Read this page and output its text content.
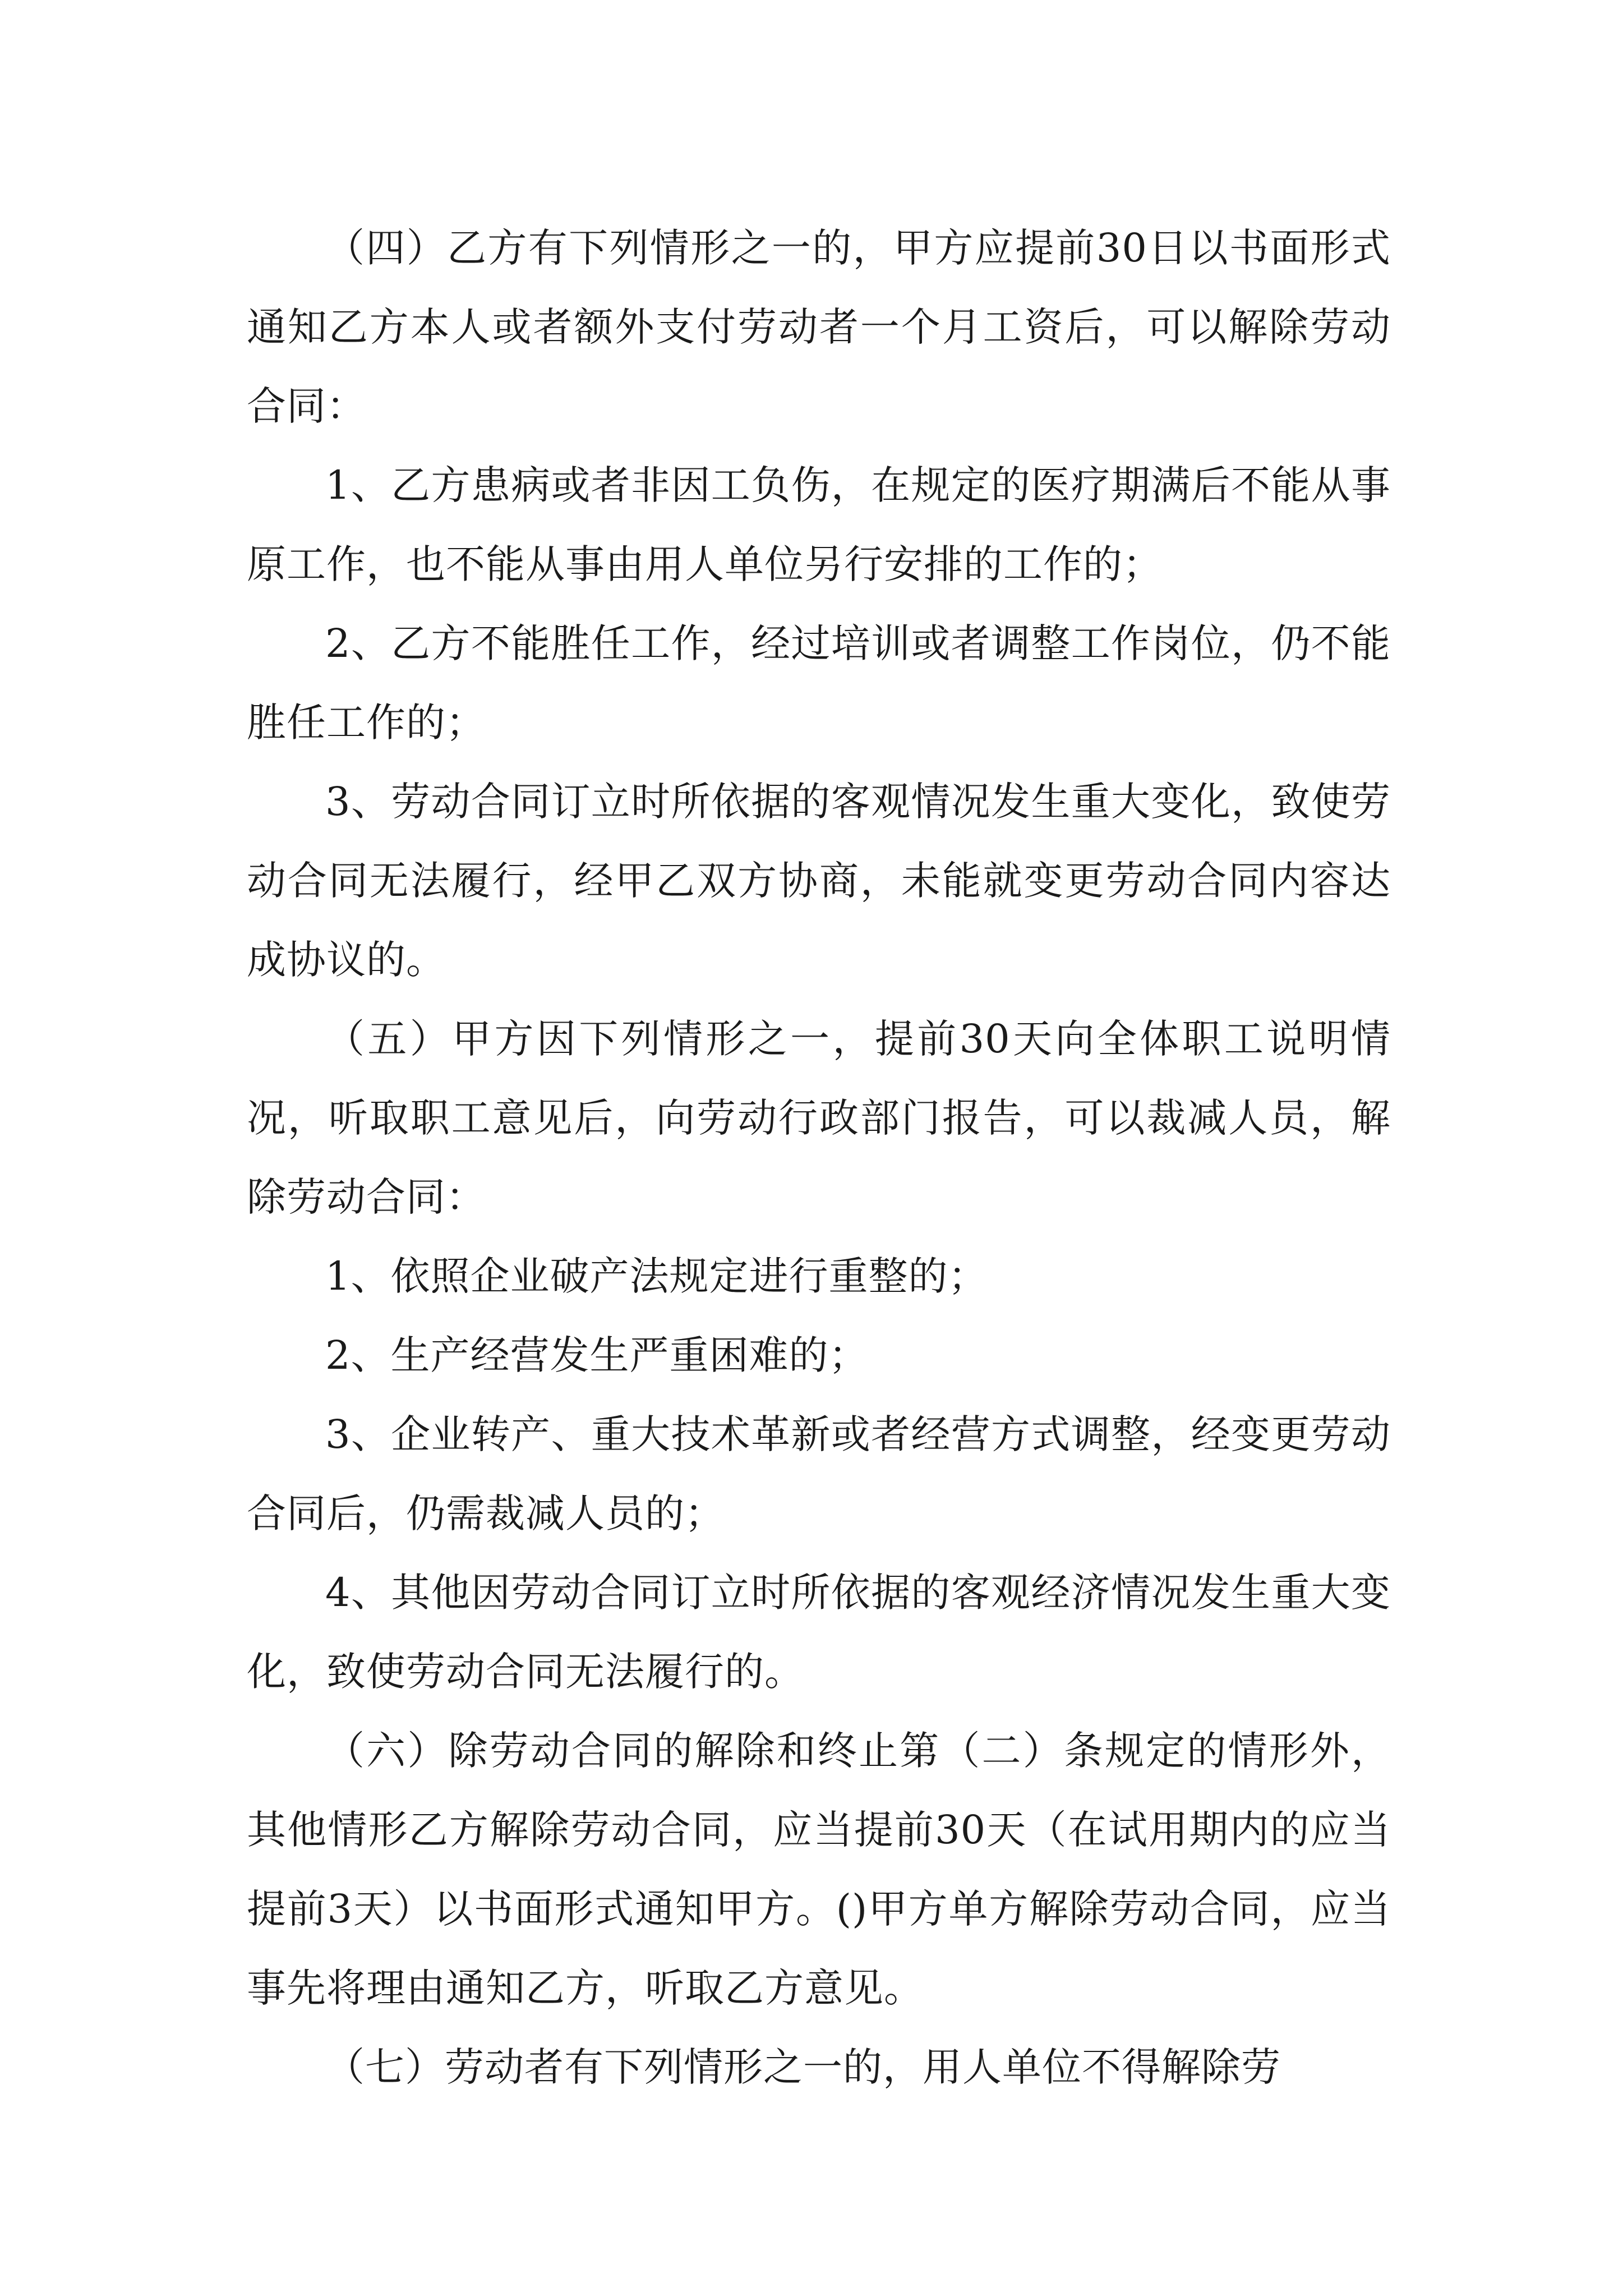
（四）乙方有下列情形之一的，甲方应提前30日以书面形式通知乙方本人或者额外支付劳动者一个月工资后，可以解除劳动合同：

1、乙方患病或者非因工负伤，在规定的医疗期满后不能从事原工作，也不能从事由用人单位另行安排的工作的；

2、乙方不能胜任工作，经过培训或者调整工作岗位，仍不能胜任工作的；

3、劳动合同订立时所依据的客观情况发生重大变化，致使劳动合同无法履行，经甲乙双方协商，未能就变更劳动合同内容达成协议的。

（五）甲方因下列情形之一，提前30天向全体职工说明情况，听取职工意见后，向劳动行政部门报告，可以裁减人员，解除劳动合同：

1、依照企业破产法规定进行重整的；

2、生产经营发生严重困难的；

3、企业转产、重大技术革新或者经营方式调整，经变更劳动合同后，仍需裁减人员的；

4、其他因劳动合同订立时所依据的客观经济情况发生重大变化，致使劳动合同无法履行的。

（六）除劳动合同的解除和终止第（二）条规定的情形外，其他情形乙方解除劳动合同，应当提前30天（在试用期内的应当提前3天）以书面形式通知甲方。()甲方单方解除劳动合同，应当事先将理由通知乙方，听取乙方意见。

（七）劳动者有下列情形之一的，用人单位不得解除劳
